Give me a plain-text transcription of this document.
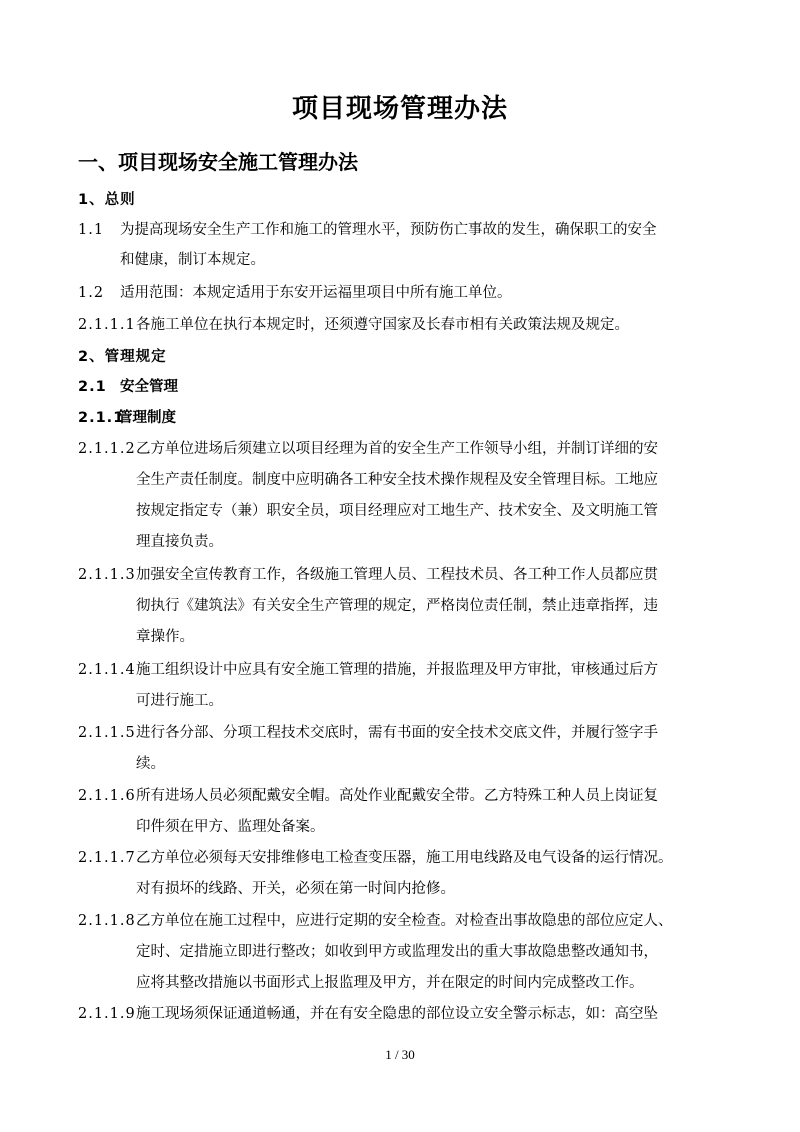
项目现场管理办法
一、项目现场安全施工管理办法
1、总则
1.1 为提高现场安全生产工作和施工的管理水平，预防伤亡事故的发生，确保职工的安全
和健康，制订本规定。
1.2 适用范围：本规定适用于东安开运福里项目中所有施工单位。
2.1.1.1 各施工单位在执行本规定时，还须遵守国家及长春市相有关政策法规及规定。
2、管理规定
2.1 安全管理
2.1.1
管理制度
2.1.1.2 乙方单位进场后须建立以项目经理为首的安全生产工作领导小组，并制订详细的安
全生产责任制度。制度中应明确各工种安全技术操作规程及安全管理目标。工地应
按规定指定专（兼）职安全员，项目经理应对工地生产、技术安全、及文明施工管
理直接负责。
2.1.1.3 加强安全宣传教育工作，各级施工管理人员、工程技术员、各工种工作人员都应贯
彻执行《建筑法》有关安全生产管理的规定，严格岗位责任制，禁止违章指挥，违
章操作。
2.1.1.4 施工组织设计中应具有安全施工管理的措施，并报监理及甲方审批，审核通过后方
可进行施工。
2.1.1.5 进行各分部、分项工程技术交底时，需有书面的安全技术交底文件，并履行签字手
续。
2.1.1.6 所有进场人员必须配戴安全帽。高处作业配戴安全带。乙方特殊工种人员上岗证复
印件须在甲方、监理处备案。
2.1.1.7 乙方单位必须每天安排维修电工检查变压器，施工用电线路及电气设备的运行情况。
对有损坏的线路、开关，必须在第一时间内抢修。
2.1.1.8 乙方单位在施工过程中，应进行定期的安全检查。对检查出事故隐患的部位应定人、
定时、定措施立即进行整改；如收到甲方或监理发出的重大事故隐患整改通知书，
应将其整改措施以书面形式上报监理及甲方，并在限定的时间内完成整改工作。
2.1.1.9 施工现场须保证通道畅通，并在有安全隐患的部位设立安全警示标志，如：高空坠
1 / 30
